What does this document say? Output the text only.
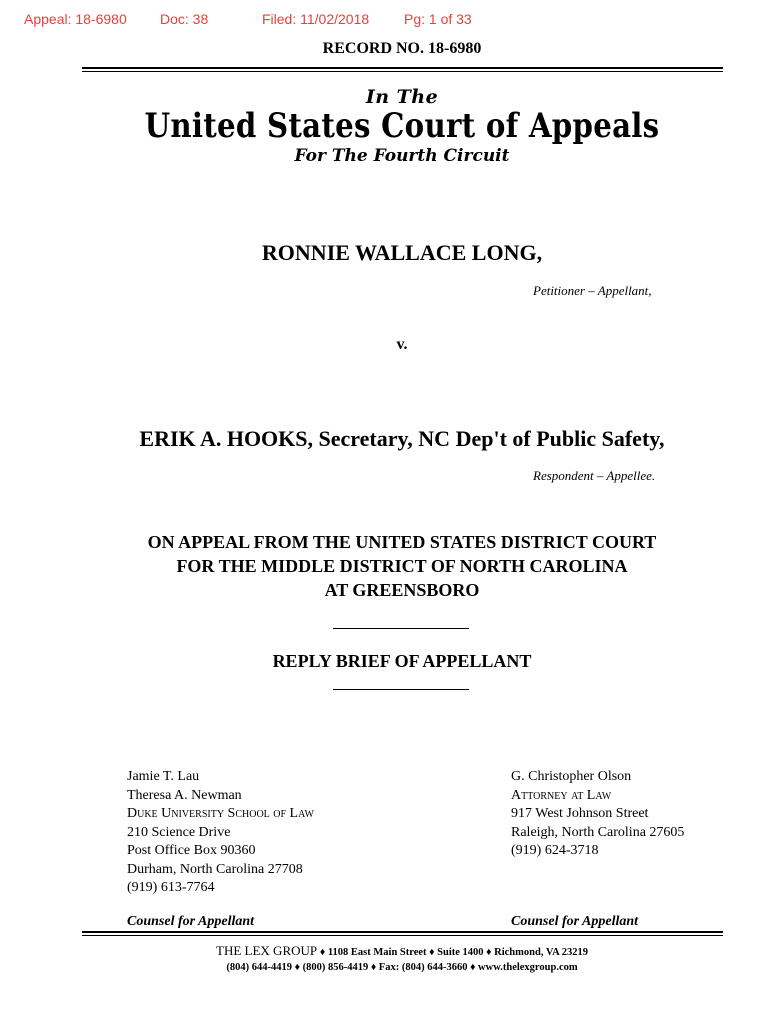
Appeal: 18-6980 Doc: 38	Filed: 11/02/2018 Pg: 1 of 33
RECORD NO. 18-6980
In The
United States Court of Appeals
For The Fourth Circuit
RONNIE WALLACE LONG,
Petitioner – Appellant,
v.
ERIK A. HOOKS, Secretary, NC Dep't of Public Safety,
Respondent – Appellee.
ON APPEAL FROM THE UNITED STATES DISTRICT COURT
FOR THE MIDDLE DISTRICT OF NORTH CAROLINA
AT GREENSBORO
REPLY BRIEF OF APPELLANT
Jamie T. Lau
Theresa A. Newman
Duke University School of Law
210 Science Drive
Post Office Box 90360
Durham, North Carolina 27708
(919) 613-7764
G. Christopher Olson
Attorney at Law
917 West Johnson Street
Raleigh, North Carolina 27605
(919) 624-3718
Counsel for Appellant	Counsel for Appellant
THE LEX GROUP ♦ 1108 East Main Street ♦ Suite 1400 ♦ Richmond, VA 23219
(804) 644-4419 ♦ (800) 856-4419 ♦ Fax: (804) 644-3660 ♦ www.thelexgroup.com
